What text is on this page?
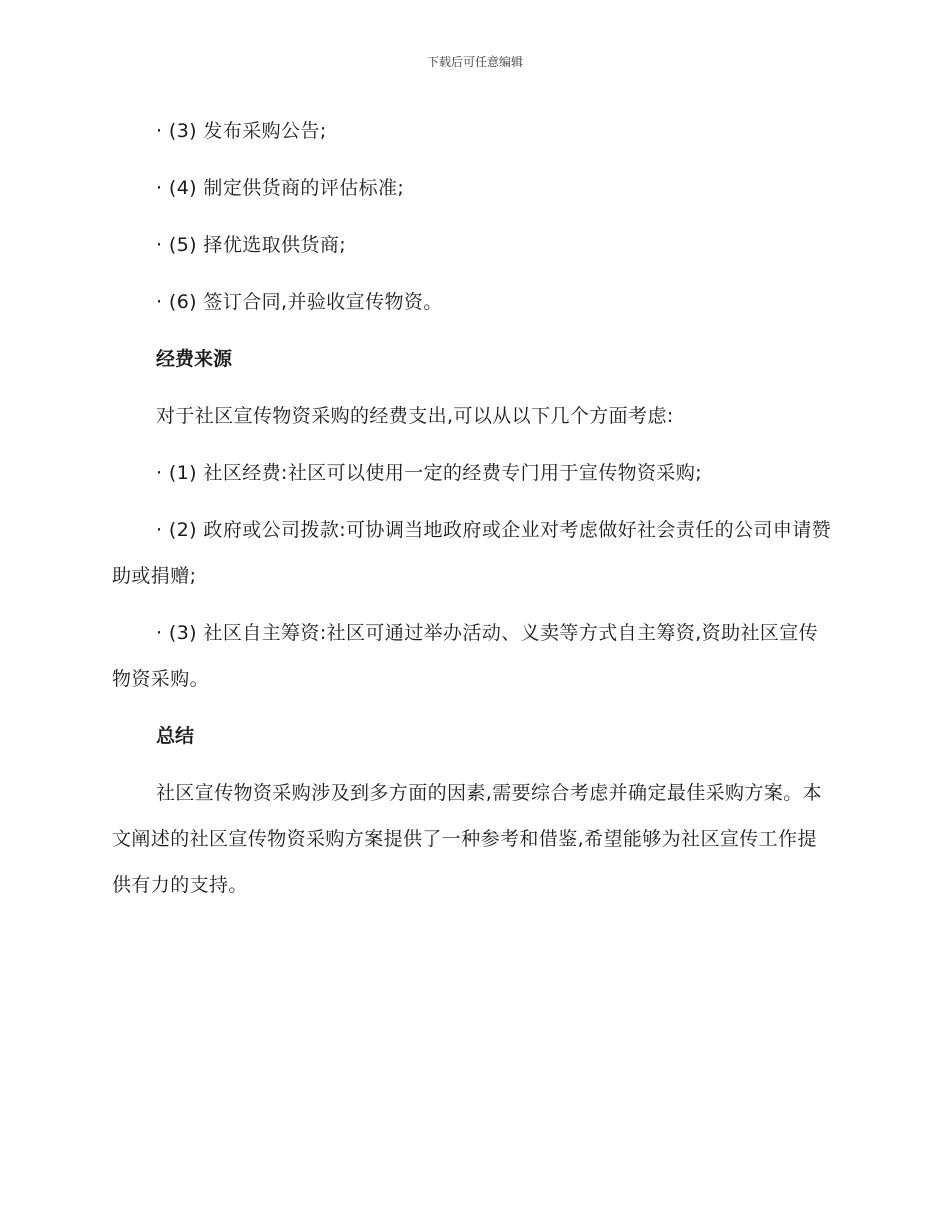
下载后可任意编辑

· (3) 发布采购公告;

· (4) 制定供货商的评估标准;

· (5) 择优选取供货商;

· (6) 签订合同,并验收宣传物资。

经费来源

对于社区宣传物资采购的经费支出,可以从以下几个方面考虑:

· (1) 社区经费:社区可以使用一定的经费专门用于宣传物资采购;

· (2) 政府或公司拨款:可协调当地政府或企业对考虑做好社会责任的公司申请赞助或捐赠;

· (3) 社区自主筹资:社区可通过举办活动、义卖等方式自主筹资,资助社区宣传物资采购。

总结

社区宣传物资采购涉及到多方面的因素,需要综合考虑并确定最佳采购方案。本文阐述的社区宣传物资采购方案提供了一种参考和借鉴,希望能够为社区宣传工作提供有力的支持。
